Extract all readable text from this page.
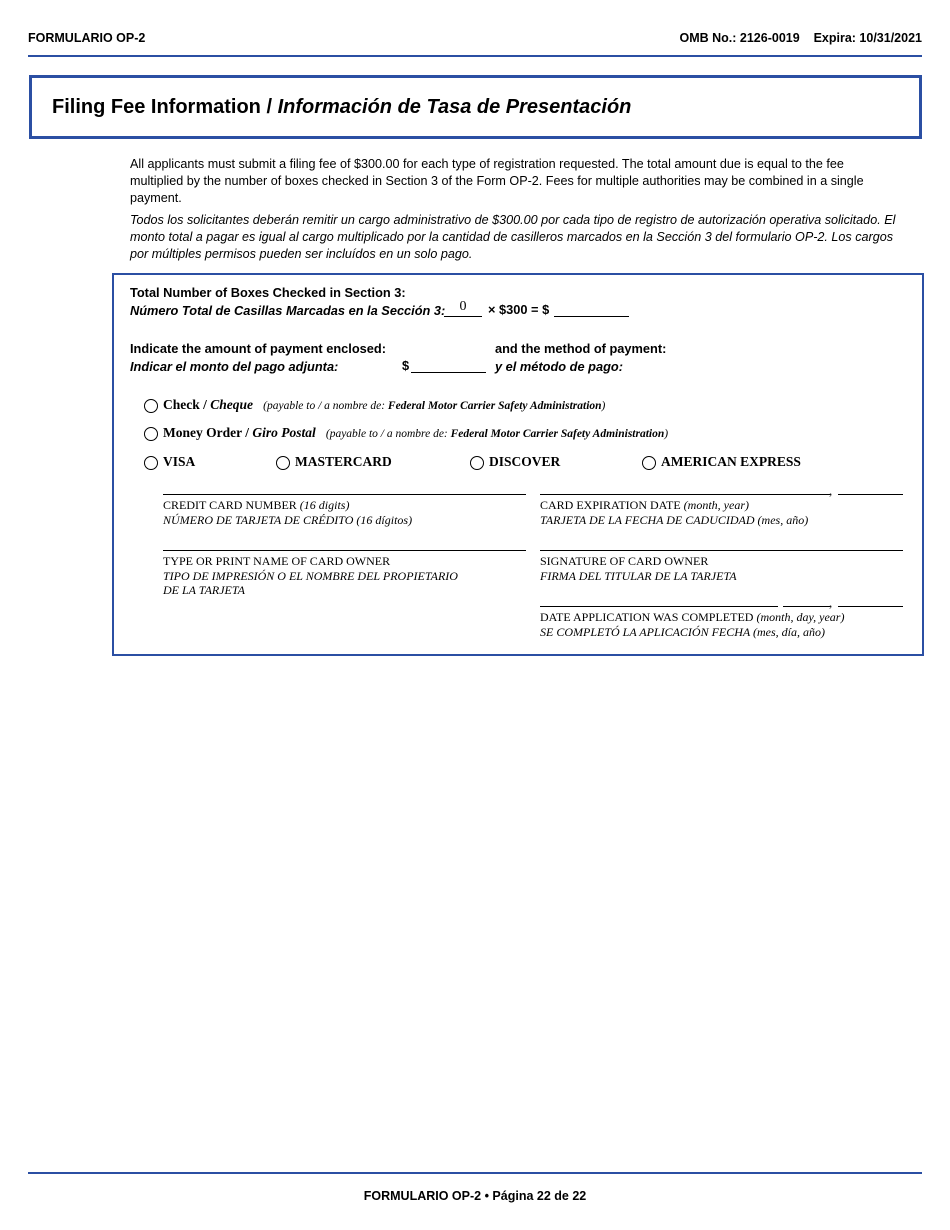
FORMULARIO OP-2	OMB No.: 2126-0019 Expira: 10/31/2021
Filing Fee Information / Información de Tasa de Presentación
All applicants must submit a filing fee of $300.00 for each type of registration requested. The total amount due is equal to the fee multiplied by the number of boxes checked in Section 3 of the Form OP-2. Fees for multiple authorities may be combined in a single payment.
Todos los solicitantes deberán remitir un cargo administrativo de $300.00 por cada tipo de registro de autorización operativa solicitado. El monto total a pagar es igual al cargo multiplicado por la cantidad de casilleros marcados en la Sección 3 del formulario OP-2. Los cargos por múltiples permisos pueden ser incluídos en un solo pago.
Total Number of Boxes Checked in Section 3:
Número Total de Casillas Marcadas en la Sección 3:	0	× $300 = $
Indicate the amount of payment enclosed:
Indicar el monto del pago adjunta:	$
and the method of payment:
y el método de pago:
Check / Cheque (payable to / a nombre de: Federal Motor Carrier Safety Administration)
Money Order / Giro Postal (payable to / a nombre de: Federal Motor Carrier Safety Administration)
VISA	MASTERCARD	DISCOVER	AMERICAN EXPRESS
CREDIT CARD NUMBER (16 digits)
NÚMERO DE TARJETA DE CRÉDITO (16 dígitos)
,
CARD EXPIRATION DATE (month, year)
TARJETA DE LA FECHA DE CADUCIDAD (mes, año)
TYPE OR PRINT NAME OF CARD OWNER
TIPO DE IMPRESIÓN O EL NOMBRE DEL PROPIETARIO
DE LA TARJETA
SIGNATURE OF CARD OWNER
FIRMA DEL TITULAR DE LA TARJETA
,
DATE APPLICATION WAS COMPLETED (month, day, year)
SE COMPLETÓ LA APLICACIÓN FECHA (mes, día, año)
FORMULARIO OP-2 • Página 22 de 22
